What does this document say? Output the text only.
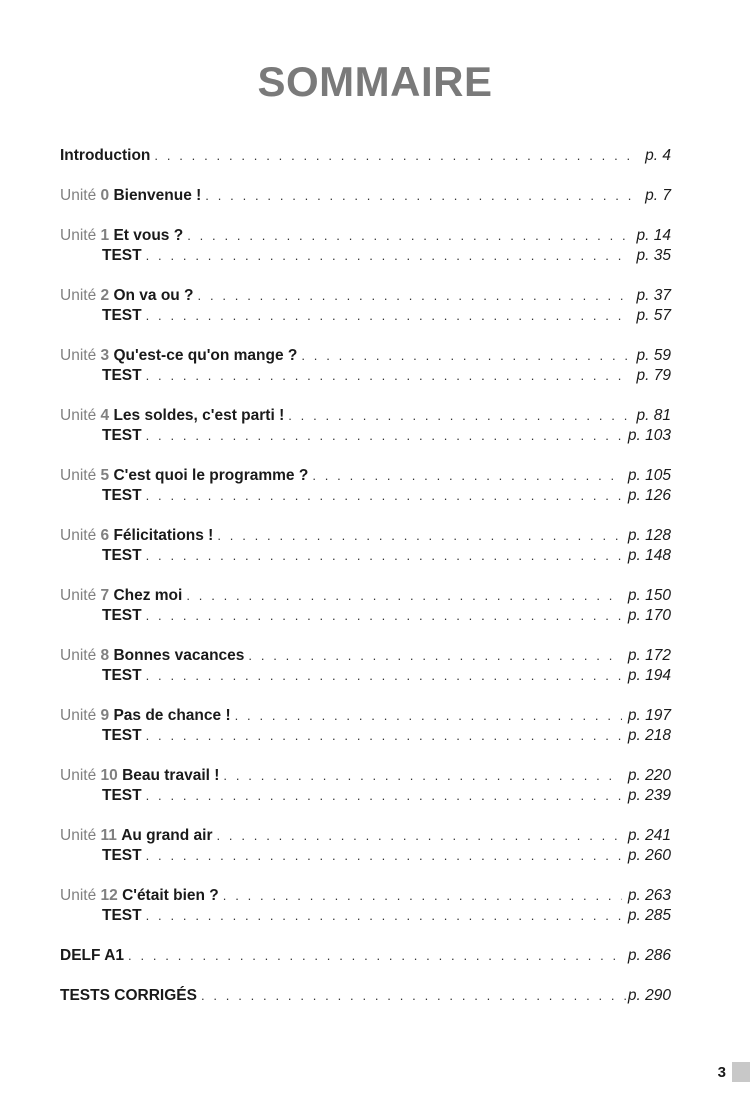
SOMMAIRE
Introduction . . .	p. 4
Unité 0 Bienvenue ! . . .	p. 7
Unité 1 Et vous ? . . .	p. 14
TEST . . .	p. 35
Unité 2 On va ou ? . . .	p. 37
TEST . . .	p. 57
Unité 3 Qu'est-ce qu'on mange ? . . .	p. 59
TEST . . .	p. 79
Unité 4 Les soldes, c'est parti ! . . .	p. 81
TEST . . .	p. 103
Unité 5 C'est quoi le programme ? . . .	p. 105
TEST . . .	p. 126
Unité 6 Félicitations ! . . .	p. 128
TEST . . .	p. 148
Unité 7 Chez moi . . .	p. 150
TEST . . .	p. 170
Unité 8 Bonnes vacances . . .	p. 172
TEST . . .	p. 194
Unité 9 Pas de chance ! . . .	p. 197
TEST . . .	p. 218
Unité 10 Beau travail ! . . .	p. 220
TEST . . .	p. 239
Unité 11 Au grand air . . .	p. 241
TEST . . .	p. 260
Unité 12 C'était bien ? . . .	p. 263
TEST . . .	p. 285
DELF A1 . . .	p. 286
TESTS CORRIGÉS . . .	p. 290
3
